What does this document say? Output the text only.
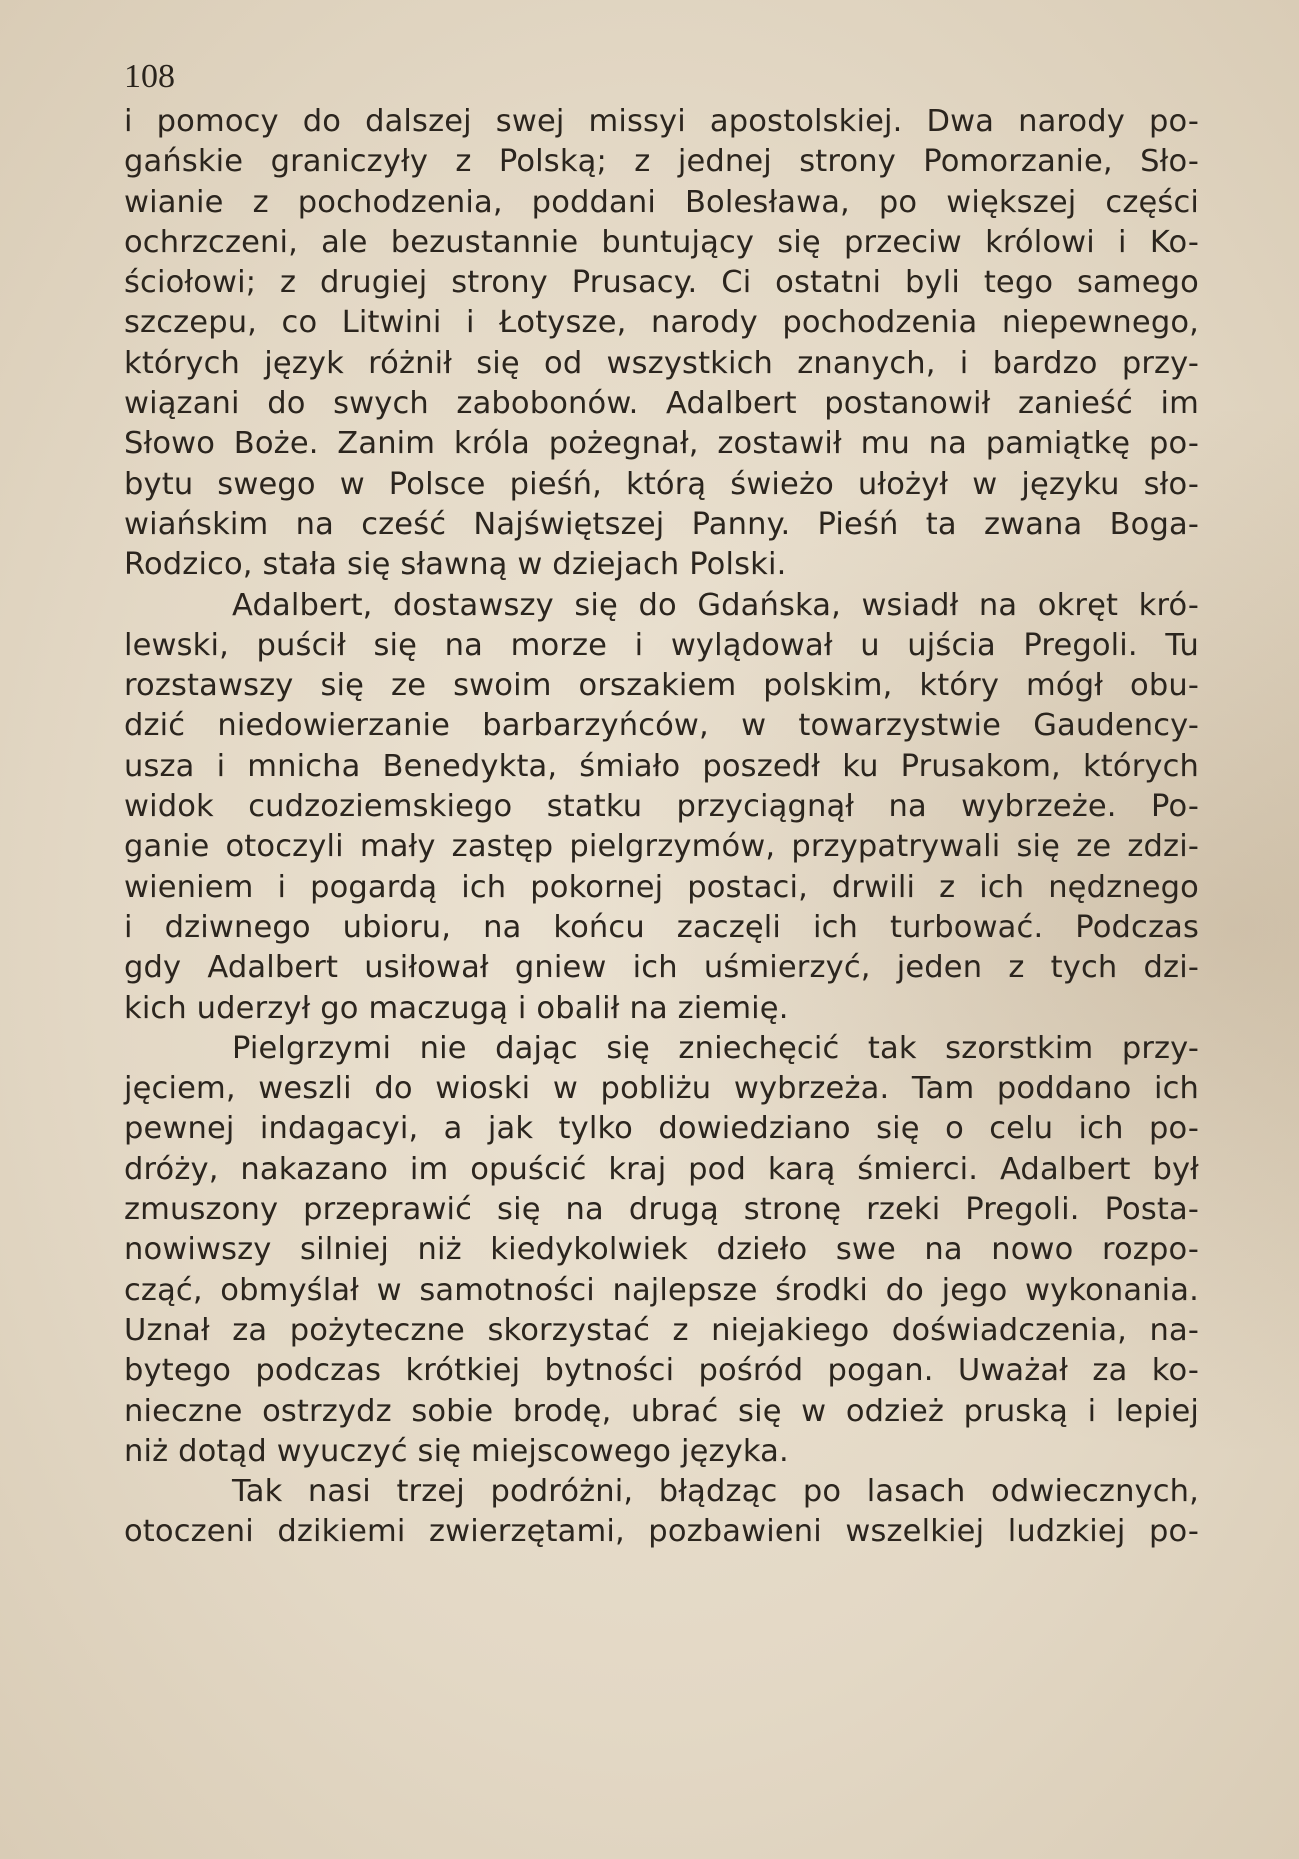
108
i pomocy do dalszej swej missyi apostolskiej. Dwa narody po-
gańskie graniczyły z Polską; z jednej strony Pomorzanie, Sło-
wianie z pochodzenia, poddani Bolesława, po większej części
ochrzczeni, ale bezustannie buntujący się przeciw królowi i Ko-
ściołowi; z drugiej strony Prusacy. Ci ostatni byli tego samego
szczepu, co Litwini i Łotysze, narody pochodzenia niepewnego,
których język różnił się od wszystkich znanych, i bardzo przy-
wiązani do swych zabobonów. Adalbert postanowił zanieść im
Słowo Boże. Zanim króla pożegnał, zostawił mu na pamiątkę po-
bytu swego w Polsce pieśń, którą świeżo ułożył w języku sło-
wiańskim na cześć Najświętszej Panny. Pieśń ta zwana Boga-
Rodzico, stała się sławną w dziejach Polski.
Adalbert, dostawszy się do Gdańska, wsiadł na okręt kró-
lewski, puścił się na morze i wylądował u ujścia Pregoli. Tu
rozstawszy się ze swoim orszakiem polskim, który mógł obu-
dzić niedowierzanie barbarzyńców, w towarzystwie Gaudency-
usza i mnicha Benedykta, śmiało poszedł ku Prusakom, których
widok cudzoziemskiego statku przyciągnął na wybrzeże. Po-
ganie otoczyli mały zastęp pielgrzymów, przypatrywali się ze zdzi-
wieniem i pogardą ich pokornej postaci, drwili z ich nędznego
i dziwnego ubioru, na końcu zaczęli ich turbować. Podczas
gdy Adalbert usiłował gniew ich uśmierzyć, jeden z tych dzi-
kich uderzył go maczugą i obalił na ziemię.
Pielgrzymi nie dając się zniechęcić tak szorstkim przy-
jęciem, weszli do wioski w pobliżu wybrzeża. Tam poddano ich
pewnej indagacyi, a jak tylko dowiedziano się o celu ich po-
dróży, nakazano im opuścić kraj pod karą śmierci. Adalbert był
zmuszony przeprawić się na drugą stronę rzeki Pregoli. Posta-
nowiwszy silniej niż kiedykolwiek dzieło swe na nowo rozpo-
cząć, obmyślał w samotności najlepsze środki do jego wykonania.
Uznał za pożyteczne skorzystać z niejakiego doświadczenia, na-
bytego podczas krótkiej bytności pośród pogan. Uważał za ko-
nieczne ostrzydz sobie brodę, ubrać się w odzież pruską i lepiej
niż dotąd wyuczyć się miejscowego języka.
Tak nasi trzej podróżni, błądząc po lasach odwiecznych,
otoczeni dzikiemi zwierzętami, pozbawieni wszelkiej ludzkiej po-
